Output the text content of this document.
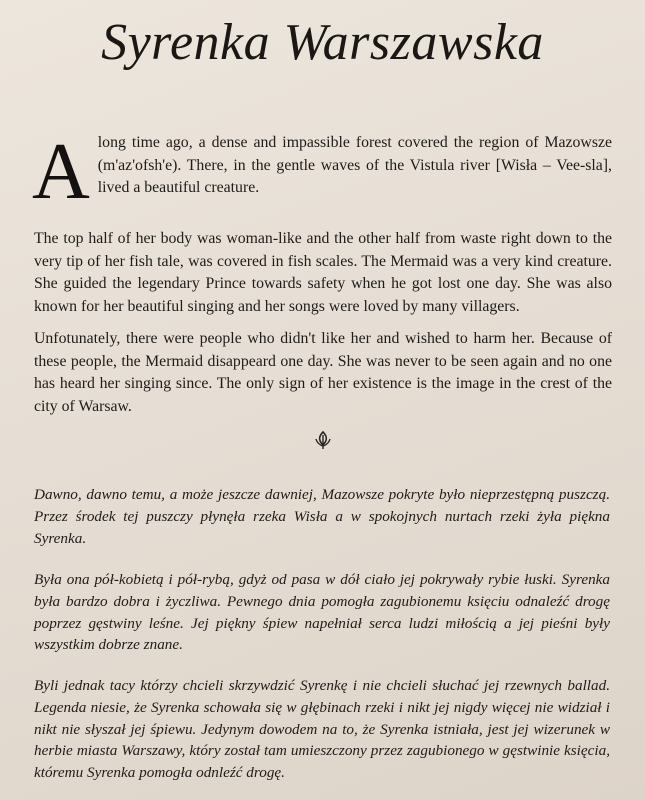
Syrenka Warszawska

A long time ago, a dense and impassible forest covered the region of Mazowsze (m'az'ofsh'e). There, in the gentle waves of the Vistula river [Wisła – Vee-sla], lived a beautiful creature.

The top half of her body was woman-like and the other half from waste right down to the very tip of her fish tale, was covered in fish scales. The Mermaid was a very kind creature. She guided the legendary Prince towards safety when he got lost one day. She was also known for her beautiful singing and her songs were loved by many villagers.

Unfotunately, there were people who didn't like her and wished to harm her. Because of these people, the Mermaid disappeard one day. She was never to be seen again and no one has heard her singing since. The only sign of her existence is the image in the crest of the city of Warsaw.

Dawno, dawno temu, a może jeszcze dawniej, Mazowsze pokryte było nieprzestępną puszczą. Przez środek tej puszczy płynęła rzeka Wisła a w spokojnych nurtach rzeki żyła piękna Syrenka.

Była ona pół-kobietą i pół-rybą, gdyż od pasa w dół ciało jej pokrywały rybie łuski. Syrenka była bardzo dobra i życzliwa. Pewnego dnia pomogła zagubionemu księciu odnaleźć drogę poprzez gęstwiny leśne. Jej piękny śpiew napełniał serca ludzi miłością a jej pieśni były wszystkim dobrze znane.

Byli jednak tacy którzy chcieli skrzywdzić Syrenkę i nie chcieli słuchać jej rzewnych ballad. Legenda niesie, że Syrenka schowała się w głębinach rzeki i nikt jej nigdy więcej nie widział i nikt nie słyszał jej śpiewu. Jedynym dowodem na to, że Syrenka istniała, jest jej wizerunek w herbie miasta Warszawy, który został tam umieszczony przez zagubionego w gęstwinie księcia, któremu Syrenka pomogła odnleźć drogę.
